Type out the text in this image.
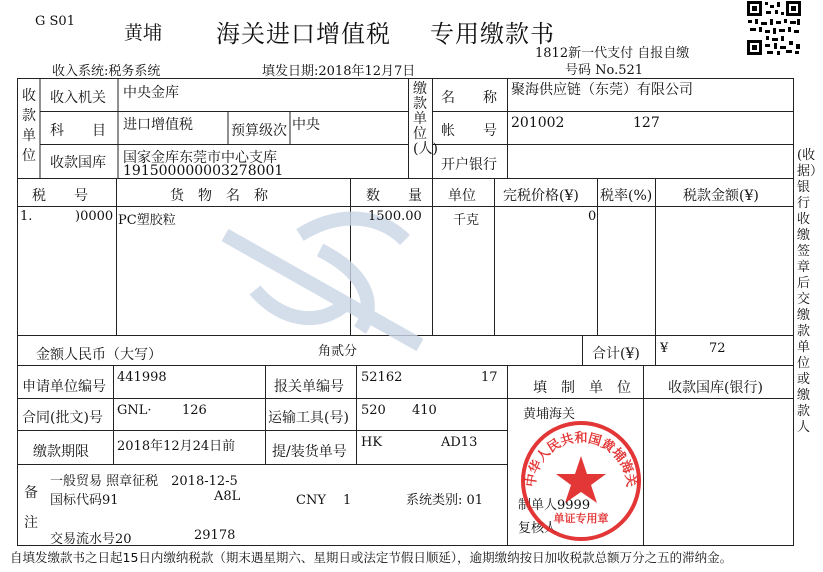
G S01
黄埔 海关进口增值税 专用缴款书
1812新一代支付 自报自缴
号码 No.521
收入系统:税务系统	填发日期:2018年12月7日
收款单位
收入机关 中央金库
科　　目 进口增值税	预算级次 中央
收款国库 国家金库东莞市中心支库
191500000003278001
缴款单位(人)
名　　称 聚海供应链（东莞）有限公司
帐　　号 201002	127
开户银行
税　　号	货　物　名　称	数　　量 单位 完税价格(¥) 税率(%) 税款金额(¥)
1.	)0000 PC塑胶粒	1500.00 千克	0
金额人民币（大写）	角贰分	合计(¥) ¥	72
申请单位编号
441998
报关单编号
52162	17
合同(批文)号 GNL· 126	运输工具(号) 520 410
缴款期限 2018年12月24日前	提/装货单号
HK	AD13
填　制　单　位
黄埔海关
收款国库(银行)
制单人9999
复核人
备注
一般贸易 照章征税　2018-12-5
国标代码91	A8L	CNY　 1	系统类别: 01
交易流水号20	29178
中华人民共和国黄埔海关
单证专用章
(收据）银行收缴签章后交缴款单位或缴款人
自填发缴款书之日起15日内缴纳税款（期末遇星期六、星期日或法定节假日顺延），逾期缴纳按日加收税款总额万分之五的滞纳金。
